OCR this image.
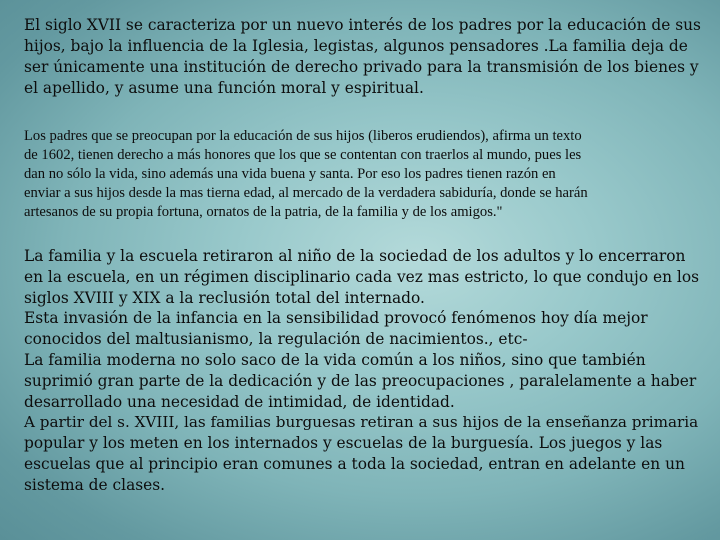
El siglo XVII se caracteriza por un nuevo interés de los padres por la educación de sus
hijos, bajo la influencia de la Iglesia, legistas, algunos pensadores .La familia deja de
ser únicamente una institución de derecho privado para la transmisión de los bienes y
el apellido, y asume una función moral y espiritual.

Los padres que se preocupan por la educación de sus hijos (liberos erudiendos), afirma un texto
de 1602, tienen derecho a más honores que los que se contentan con traerlos al mundo, pues les
dan no sólo la vida, sino además una vida buena y santa. Por eso los padres tienen razón en
enviar a sus hijos desde la mas tierna edad, al mercado de la verdadera sabiduría, donde se harán
artesanos de su propia fortuna, ornatos de la patria, de la familia y de los amigos."

La familia y la escuela retiraron al niño de la sociedad de los adultos y lo encerraron
en la escuela, en un régimen disciplinario cada vez mas estricto, lo que condujo en los
siglos XVIII y XIX a la reclusión total del internado.
Esta invasión de la infancia en la sensibilidad provocó fenómenos hoy día mejor
conocidos del maltusianismo, la regulación de nacimientos., etc-
La familia moderna no solo saco de la vida común a los niños, sino que también
suprimió gran parte de la dedicación y de las preocupaciones , paralelamente a haber
desarrollado una necesidad de intimidad, de identidad.
A partir del s. XVIII, las familias burguesas retiran a sus hijos de la enseñanza primaria
popular y los meten en los internados y escuelas de la burguesía. Los juegos y las
escuelas que al principio eran comunes a toda la sociedad, entran en adelante en un
sistema de clases.
